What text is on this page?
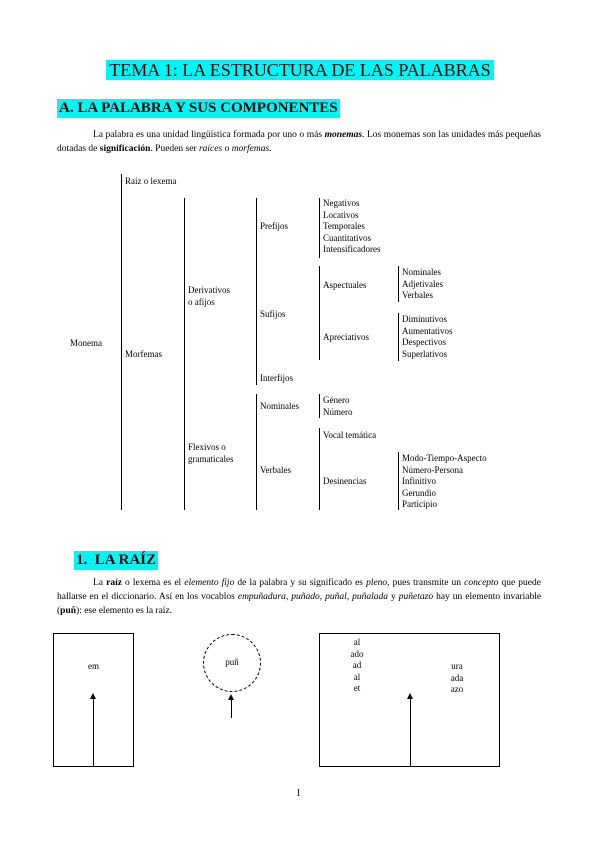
TEMA 1: LA ESTRUCTURA DE LAS PALABRAS
A. LA PALABRA Y SUS COMPONENTES

La palabra es una unidad lingüística formada por uno o más monemas. Los monemas son las unidades más pequeñas dotadas de significación. Pueden ser raíces o morfemas.

Monema
Raíz o lexema
Morfemas
Derivativos
o afijos
Flexivos o
gramaticales
Prefijos
Sufijos
Interfijos
Nominales
Verbales
Negativos
Locativos
Temporales
Cuantitativos
Intensificadores
Aspectuales
Apreciativos
Nominales
Adjetivales
Verbales
Diminutivos
Aumentativos
Despectivos
Superlativos
Género
Número
Vocal temática
Desinencias
Modo-Tiempo-Aspecto
Número-Persona
Infinitivo
Gerundio
Participio
1. LA RAÍZ

La raíz o lexema es el elemento fijo de la palabra y su significado es pleno, pues transmite un concepto que puede hallarse en el diccionario. Así en los vocablos empuñadura, puñado, puñal, puñalada y puñetazo hay un elemento invariable (puñ): ese elemento es la raíz.

em	puñ
al
ado
ad
al
et
ura
ada
azo
1
